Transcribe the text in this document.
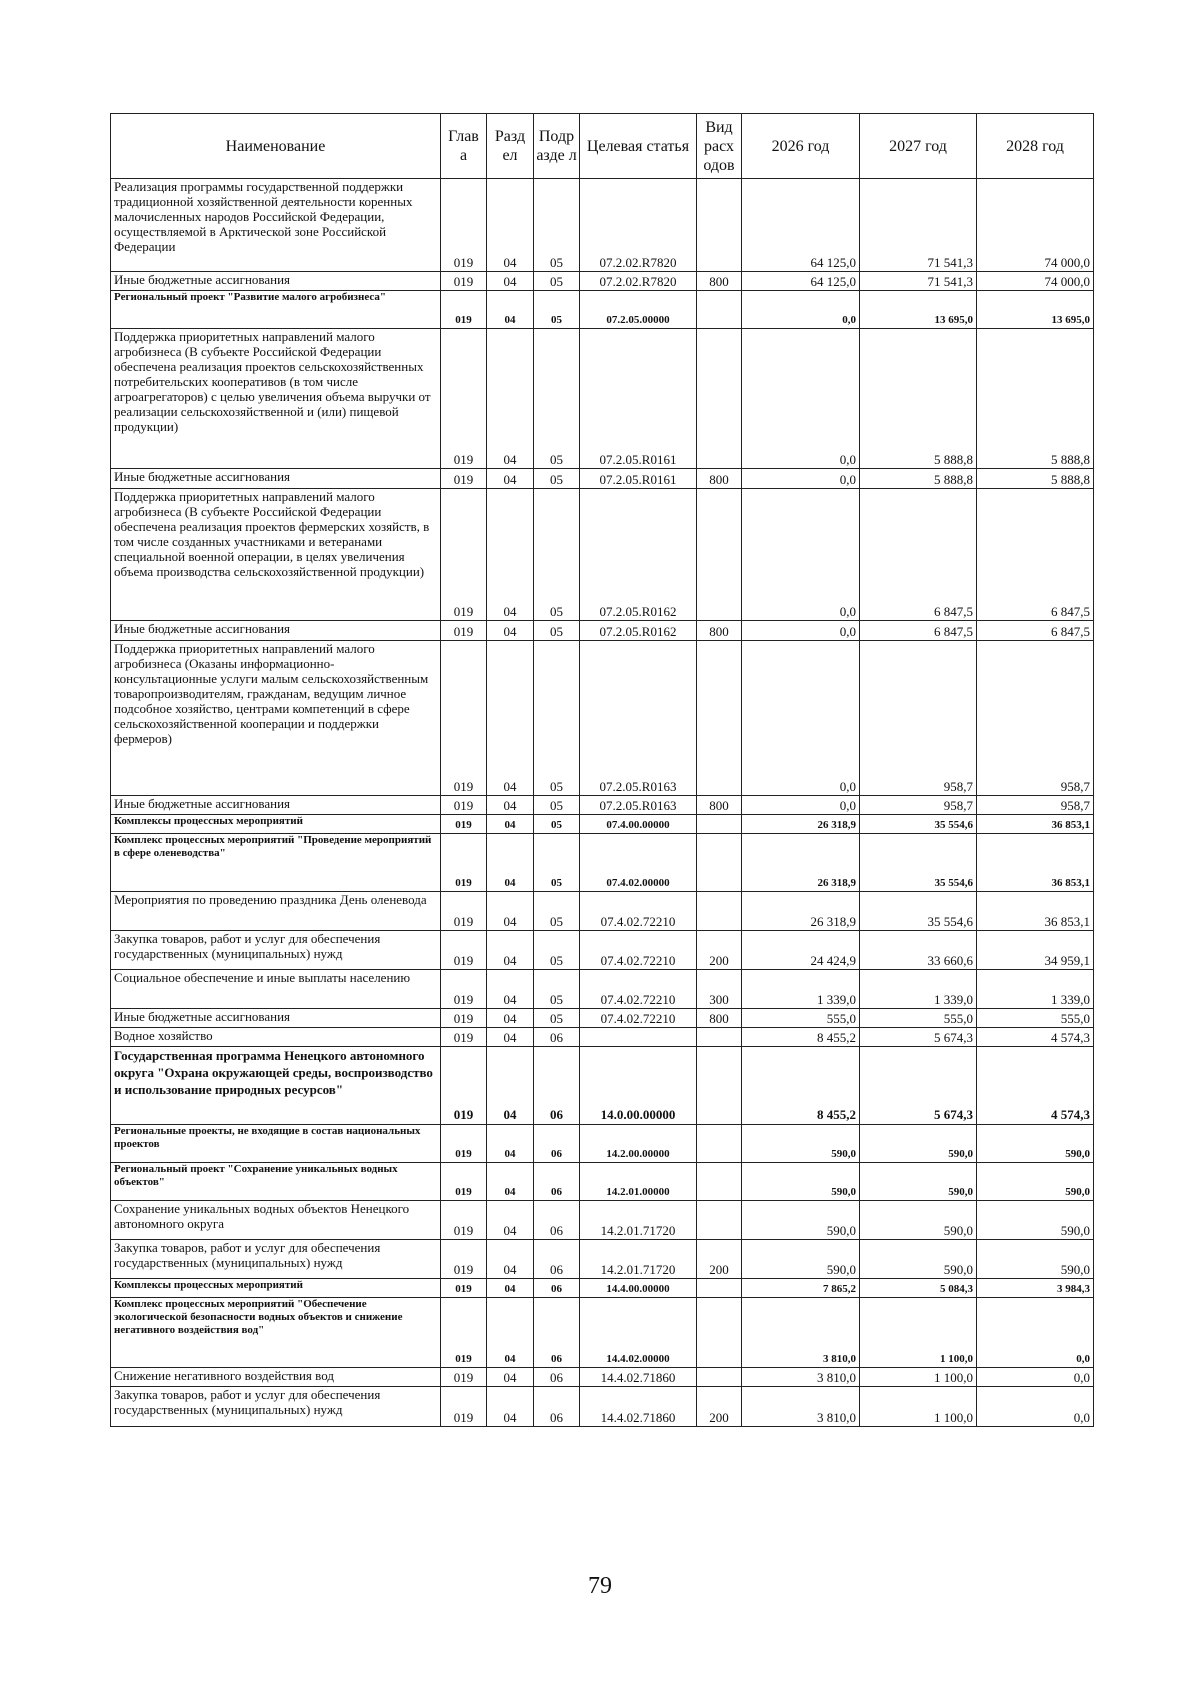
Наименование	Глав а	Разд ел	Подр азде л	Целевая статья	Вид расх одов	2026 год	2027 год	2028 год
Реализация программы государственной поддержки традиционной хозяйственной деятельности коренных малочисленных народов Российской Федерации, осуществляемой в Арктической зоне Российской Федерации	019	04	05	07.2.02.R7820		64 125,0	71 541,3	74 000,0
Иные бюджетные ассигнования	019	04	05	07.2.02.R7820	800	64 125,0	71 541,3	74 000,0
Региональный проект "Развитие малого агробизнеса"	019	04	05	07.2.05.00000		0,0	13 695,0	13 695,0
Поддержка приоритетных направлений малого агробизнеса (В субъекте Российской Федерации обеспечена реализация проектов сельскохозяйственных потребительских кооперативов (в том числе агроагрегаторов) с целью увеличения объема выручки от реализации сельскохозяйственной и (или) пищевой продукции)	019	04	05	07.2.05.R0161		0,0	5 888,8	5 888,8
Иные бюджетные ассигнования	019	04	05	07.2.05.R0161	800	0,0	5 888,8	5 888,8
Поддержка приоритетных направлений малого агробизнеса (В субъекте Российской Федерации обеспечена реализация проектов фермерских хозяйств, в том числе созданных участниками и ветеранами специальной военной операции, в целях увеличения объема производства сельскохозяйственной продукции)	019	04	05	07.2.05.R0162		0,0	6 847,5	6 847,5
Иные бюджетные ассигнования	019	04	05	07.2.05.R0162	800	0,0	6 847,5	6 847,5
Поддержка приоритетных направлений малого агробизнеса (Оказаны информационно-консультационные услуги малым сельскохозяйственным товаропроизводителям, гражданам, ведущим личное подсобное хозяйство, центрами компетенций в сфере сельскохозяйственной кооперации и поддержки фермеров)	019	04	05	07.2.05.R0163		0,0	958,7	958,7
Иные бюджетные ассигнования	019	04	05	07.2.05.R0163	800	0,0	958,7	958,7
Комплексы процессных мероприятий	019	04	05	07.4.00.00000		26 318,9	35 554,6	36 853,1
Комплекс процессных мероприятий "Проведение мероприятий в сфере оленеводства"	019	04	05	07.4.02.00000		26 318,9	35 554,6	36 853,1
Мероприятия по проведению праздника День оленевода	019	04	05	07.4.02.72210		26 318,9	35 554,6	36 853,1
Закупка товаров, работ и услуг для обеспечения государственных (муниципальных) нужд	019	04	05	07.4.02.72210	200	24 424,9	33 660,6	34 959,1
Социальное обеспечение и иные выплаты населению	019	04	05	07.4.02.72210	300	1 339,0	1 339,0	1 339,0
Иные бюджетные ассигнования	019	04	05	07.4.02.72210	800	555,0	555,0	555,0
Водное хозяйство	019	04	06			8 455,2	5 674,3	4 574,3
Государственная программа Ненецкого автономного округа "Охрана окружающей среды, воспроизводство и использование природных ресурсов"	019	04	06	14.0.00.00000		8 455,2	5 674,3	4 574,3
Региональные проекты, не входящие в состав национальных проектов	019	04	06	14.2.00.00000		590,0	590,0	590,0
Региональный проект "Сохранение уникальных водных объектов"	019	04	06	14.2.01.00000		590,0	590,0	590,0
Сохранение уникальных водных объектов Ненецкого автономного округа	019	04	06	14.2.01.71720		590,0	590,0	590,0
Закупка товаров, работ и услуг для обеспечения государственных (муниципальных) нужд	019	04	06	14.2.01.71720	200	590,0	590,0	590,0
Комплексы процессных мероприятий	019	04	06	14.4.00.00000		7 865,2	5 084,3	3 984,3
Комплекс процессных мероприятий "Обеспечение экологической безопасности водных объектов и снижение негативного воздействия вод"	019	04	06	14.4.02.00000		3 810,0	1 100,0	0,0
Снижение негативного воздействия вод	019	04	06	14.4.02.71860		3 810,0	1 100,0	0,0
Закупка товаров, работ и услуг для обеспечения государственных (муниципальных) нужд	019	04	06	14.4.02.71860	200	3 810,0	1 100,0	0,0
79
